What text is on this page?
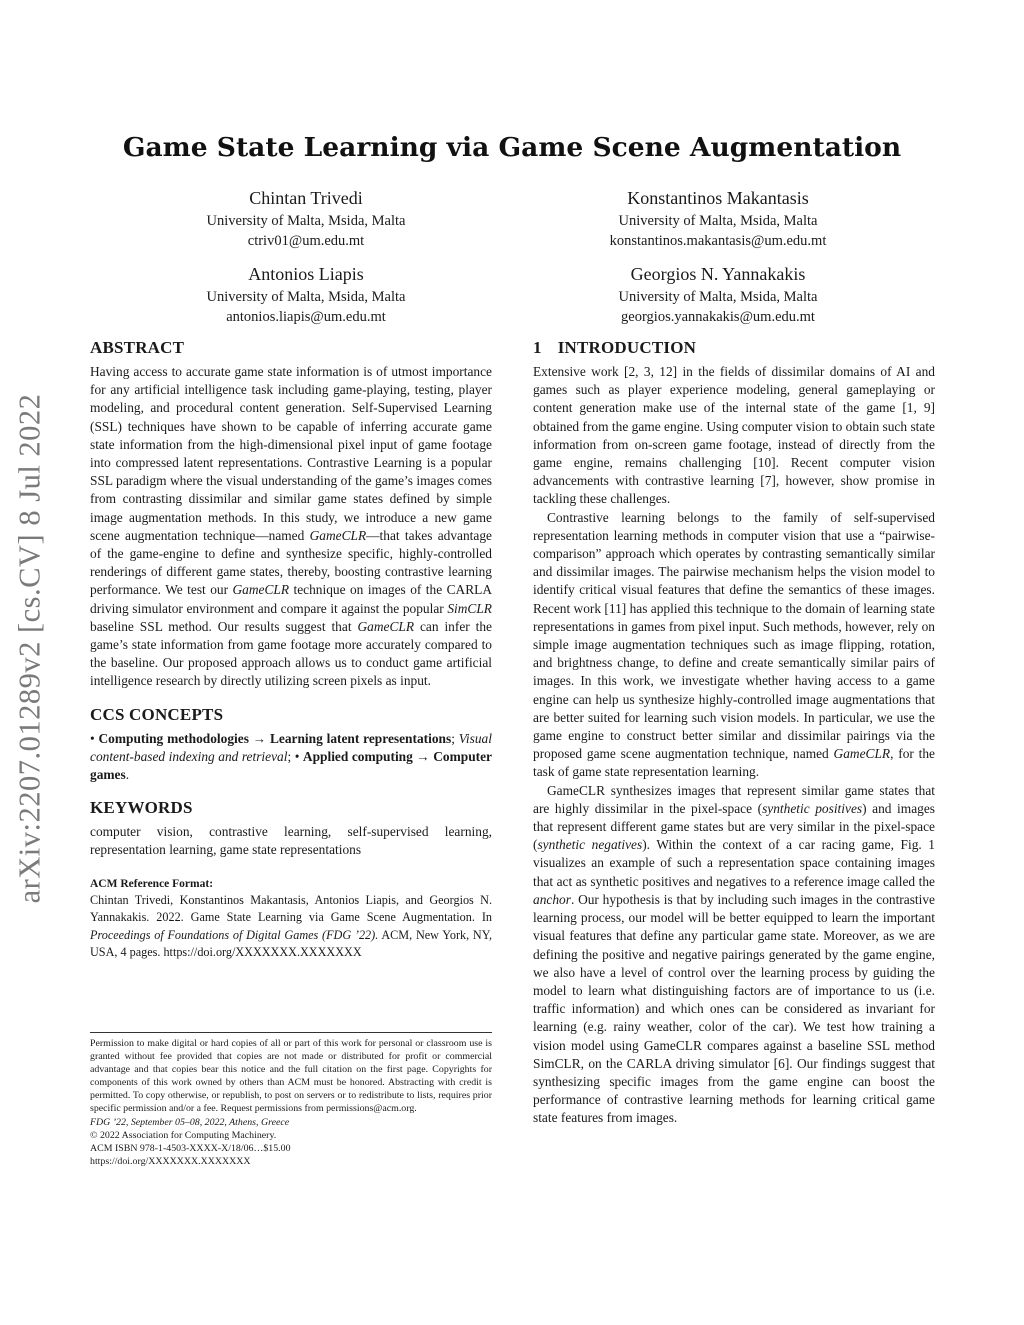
arXiv:2207.01289v2 [cs.CV] 8 Jul 2022
Game State Learning via Game Scene Augmentation
Chintan Trivedi
University of Malta, Msida, Malta
ctriv01@um.edu.mt
Konstantinos Makantasis
University of Malta, Msida, Malta
konstantinos.makantasis@um.edu.mt
Antonios Liapis
University of Malta, Msida, Malta
antonios.liapis@um.edu.mt
Georgios N. Yannakakis
University of Malta, Msida, Malta
georgios.yannakakis@um.edu.mt
ABSTRACT

Having access to accurate game state information is of utmost importance for any artificial intelligence task including game-playing, testing, player modeling, and procedural content generation. Self-Supervised Learning (SSL) techniques have shown to be capable of inferring accurate game state information from the high-dimensional pixel input of game footage into compressed latent representations. Contrastive Learning is a popular SSL paradigm where the visual understanding of the game’s images comes from contrasting dissimilar and similar game states defined by simple image augmentation methods. In this study, we introduce a new game scene augmentation technique—named GameCLR—that takes advantage of the game-engine to define and synthesize specific, highly-controlled renderings of different game states, thereby, boosting contrastive learning performance. We test our GameCLR technique on images of the CARLA driving simulator environment and compare it against the popular SimCLR baseline SSL method. Our results suggest that GameCLR can infer the game’s state information from game footage more accurately compared to the baseline. Our proposed approach allows us to conduct game artificial intelligence research by directly utilizing screen pixels as input.

CCS CONCEPTS

• Computing methodologies → Learning latent representations; Visual content-based indexing and retrieval; • Applied computing → Computer games.

KEYWORDS

computer vision, contrastive learning, self-supervised learning, representation learning, game state representations

ACM Reference Format:

Chintan Trivedi, Konstantinos Makantasis, Antonios Liapis, and Georgios N. Yannakakis. 2022. Game State Learning via Game Scene Augmentation. In Proceedings of Foundations of Digital Games (FDG ’22). ACM, New York, NY, USA, 4 pages. https://doi.org/XXXXXXX.XXXXXXX

Permission to make digital or hard copies of all or part of this work for personal or classroom use is granted without fee provided that copies are not made or distributed for profit or commercial advantage and that copies bear this notice and the full citation on the first page. Copyrights for components of this work owned by others than ACM must be honored. Abstracting with credit is permitted. To copy otherwise, or republish, to post on servers or to redistribute to lists, requires prior specific permission and/or a fee. Request permissions from permissions@acm.org.

FDG ’22, September 05–08, 2022, Athens, Greece

© 2022 Association for Computing Machinery.

ACM ISBN 978-1-4503-XXXX-X/18/06…$15.00

https://doi.org/XXXXXXX.XXXXXXX

1 INTRODUCTION

Extensive work [2, 3, 12] in the fields of dissimilar domains of AI and games such as player experience modeling, general gameplaying or content generation make use of the internal state of the game [1, 9] obtained from the game engine. Using computer vision to obtain such state information from on-screen game footage, instead of directly from the game engine, remains challenging [10]. Recent computer vision advancements with contrastive learning [7], however, show promise in tackling these challenges.

Contrastive learning belongs to the family of self-supervised representation learning methods in computer vision that use a “pairwise-comparison” approach which operates by contrasting semantically similar and dissimilar images. The pairwise mechanism helps the vision model to identify critical visual features that define the semantics of these images. Recent work [11] has applied this technique to the domain of learning state representations in games from pixel input. Such methods, however, rely on simple image augmentation techniques such as image flipping, rotation, and brightness change, to define and create semantically similar pairs of images. In this work, we investigate whether having access to a game engine can help us synthesize highly-controlled image augmentations that are better suited for learning such vision models. In particular, we use the game engine to construct better similar and dissimilar pairings via the proposed game scene augmentation technique, named GameCLR, for the task of game state representation learning.

GameCLR synthesizes images that represent similar game states that are highly dissimilar in the pixel-space (synthetic positives) and images that represent different game states but are very similar in the pixel-space (synthetic negatives). Within the context of a car racing game, Fig. 1 visualizes an example of such a representation space containing images that act as synthetic positives and negatives to a reference image called the anchor. Our hypothesis is that by including such images in the contrastive learning process, our model will be better equipped to learn the important visual features that define any particular game state. Moreover, as we are defining the positive and negative pairings generated by the game engine, we also have a level of control over the learning process by guiding the model to learn what distinguishing factors are of importance to us (i.e. traffic information) and which ones can be considered as invariant for learning (e.g. rainy weather, color of the car). We test how training a vision model using GameCLR compares against a baseline SSL method SimCLR, on the CARLA driving simulator [6]. Our findings suggest that synthesizing specific images from the game engine can boost the performance of contrastive learning methods for learning critical game state features from images.
